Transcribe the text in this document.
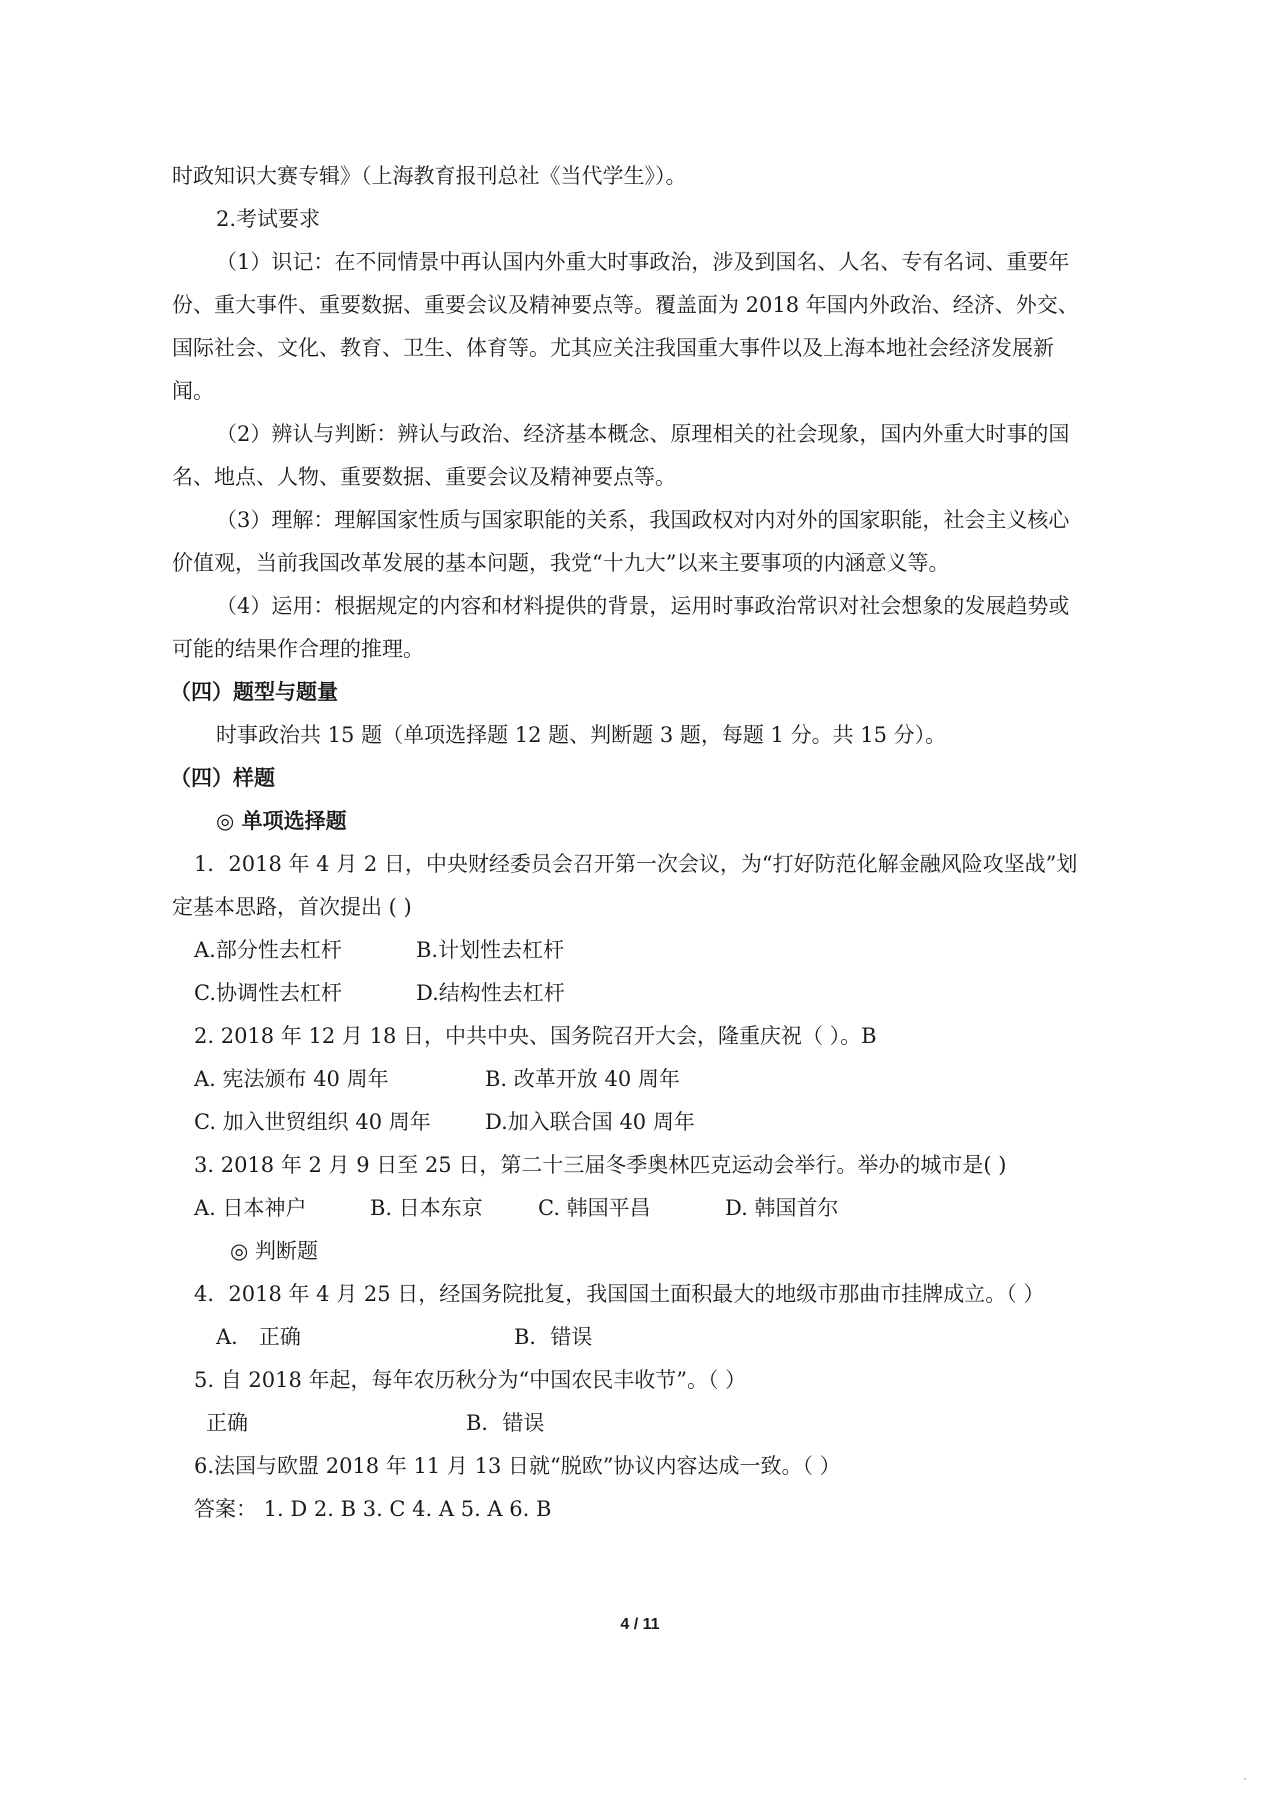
时政知识大赛专辑》（上海教育报刊总社《当代学生》）。
2.考试要求
（1）识记：在不同情景中再认国内外重大时事政治，涉及到国名、人名、专有名词、重要年
份、重大事件、重要数据、重要会议及精神要点等。覆盖面为 2018 年国内外政治、经济、外交、
国际社会、文化、教育、卫生、体育等。尤其应关注我国重大事件以及上海本地社会经济发展新
闻。
（2）辨认与判断：辨认与政治、经济基本概念、原理相关的社会现象，国内外重大时事的国
名、地点、人物、重要数据、重要会议及精神要点等。
（3）理解：理解国家性质与国家职能的关系，我国政权对内对外的国家职能，社会主义核心
价值观，当前我国改革发展的基本问题，我党“十九大”以来主要事项的内涵意义等。
（4）运用：根据规定的内容和材料提供的背景，运用时事政治常识对社会想象的发展趋势或
可能的结果作合理的推理。
（四）题型与题量
时事政治共 15 题（单项选择题 12 题、判断题 3 题，每题 1 分。共 15 分）。
（四）样题
◎ 单项选择题
1．2018 年 4 月 2 日，中央财经委员会召开第一次会议，为“打好防范化解金融风险攻坚战”划
定基本思路，首次提出 ( )
A.部分性去杠杆	B.计划性去杠杆
C.协调性去杠杆	D.结构性去杠杆
2. 2018 年 12 月 18 日，中共中央、国务院召开大会，隆重庆祝（ ）。B
A. 宪法颁布 40 周年	B. 改革开放 40 周年
C. 加入世贸组织 40 周年	D.加入联合国 40 周年
3. 2018 年 2 月 9 日至 25 日，第二十三届冬季奥林匹克运动会举行。举办的城市是( )
A. 日本神户	B. 日本东京	C. 韩国平昌	D. 韩国首尔
◎ 判断题
4．2018 年 4 月 25 日，经国务院批复，我国国土面积最大的地级市那曲市挂牌成立。（ ）
A． 正确	B．错误
5. 自 2018 年起，每年农历秋分为“中国农民丰收节”。（ ）
正确	B．错误
6.法国与欧盟 2018 年 11 月 13 日就“脱欧”协议内容达成一致。（ ）
答案： 1. D 2. B 3. C 4. A 5. A 6. B
4 / 11
